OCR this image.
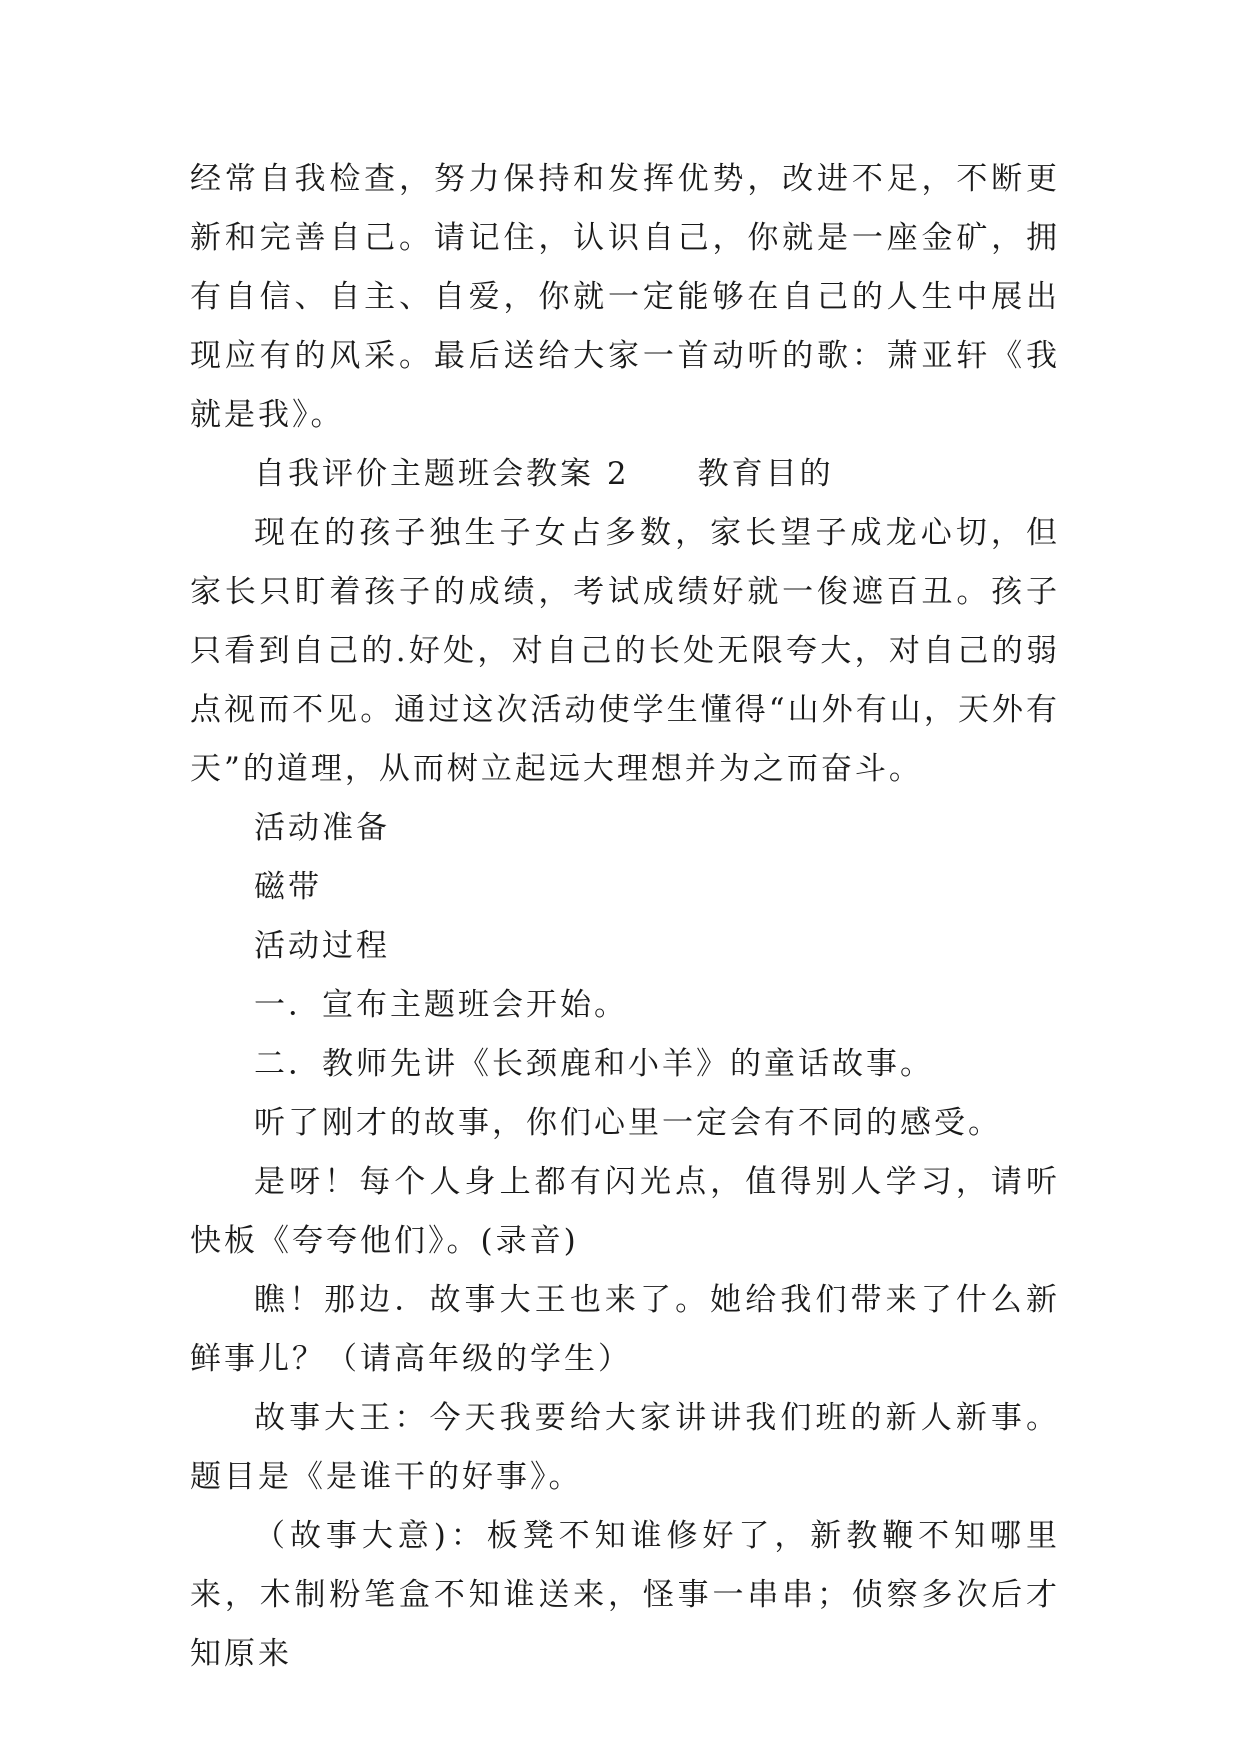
经常自我检查，努力保持和发挥优势，改进不足，不断更新和完善自己。请记住，认识自己，你就是一座金矿，拥有自信、自主、自爱，你就一定能够在自己的人生中展出现应有的风采。最后送给大家一首动听的歌：萧亚轩《我就是我》。

自我评价主题班会教案 2　　教育目的

现在的孩子独生子女占多数，家长望子成龙心切，但家长只盯着孩子的成绩，考试成绩好就一俊遮百丑。孩子只看到自己的.好处，对自己的长处无限夸大，对自己的弱点视而不见。通过这次活动使学生懂得“山外有山，天外有天”的道理，从而树立起远大理想并为之而奋斗。

活动准备

磁带

活动过程

一．宣布主题班会开始。

二．教师先讲《长颈鹿和小羊》的童话故事。

听了刚才的故事，你们心里一定会有不同的感受。

是呀！每个人身上都有闪光点，值得别人学习，请听快板《夸夸他们》。(录音)

瞧！那边．故事大王也来了。她给我们带来了什么新鲜事儿？（请高年级的学生）

故事大王：今天我要给大家讲讲我们班的新人新事。题目是《是谁干的好事》。

（故事大意)：板凳不知谁修好了，新教鞭不知哪里来，木制粉笔盒不知谁送来，怪事一串串；侦察多次后才知原来
